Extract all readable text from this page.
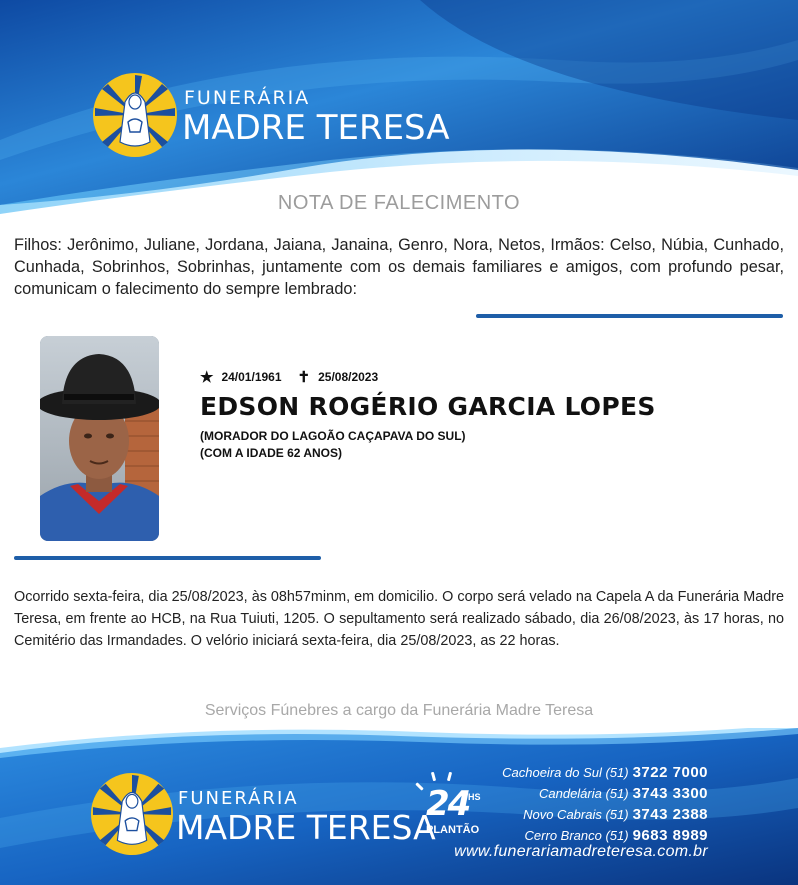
FUNERÁRIA
MADRE TERESA
NOTA DE FALECIMENTO
Filhos: Jerônimo, Juliane, Jordana, Jaiana, Janaina, Genro, Nora, Netos, Irmãos: Celso, Núbia, Cunhado, Cunhada, Sobrinhos, Sobrinhas, juntamente com os demais familiares e amigos, com profundo pesar, comunicam o falecimento do sempre lembrado:
★ 24/01/1961 ✝ 25/08/2023
EDSON ROGÉRIO GARCIA LOPES
(MORADOR DO LAGOÃO CAÇAPAVA DO SUL)
(COM A IDADE 62 ANOS)
Ocorrido sexta-feira, dia 25/08/2023, às 08h57minm, em domicilio. O corpo será velado na Capela A da Funerária Madre Teresa, em frente ao HCB, na Rua Tuiuti, 1205. O sepultamento será realizado sábado, dia 26/08/2023, às 17 horas, no Cemitério das Irmandades. O velório iniciará sexta-feira, dia 25/08/2023, as 22 horas.
Serviços Fúnebres a cargo da Funerária Madre Teresa
FUNERÁRIA
MADRE TERESA
24
HS
PLANTÃO
Cachoeira do Sul (51) 3722 7000
Candelária (51) 3743 3300
Novo Cabrais (51) 3743 2388
Cerro Branco (51) 9683 8989
www.funerariamadreteresa.com.br
